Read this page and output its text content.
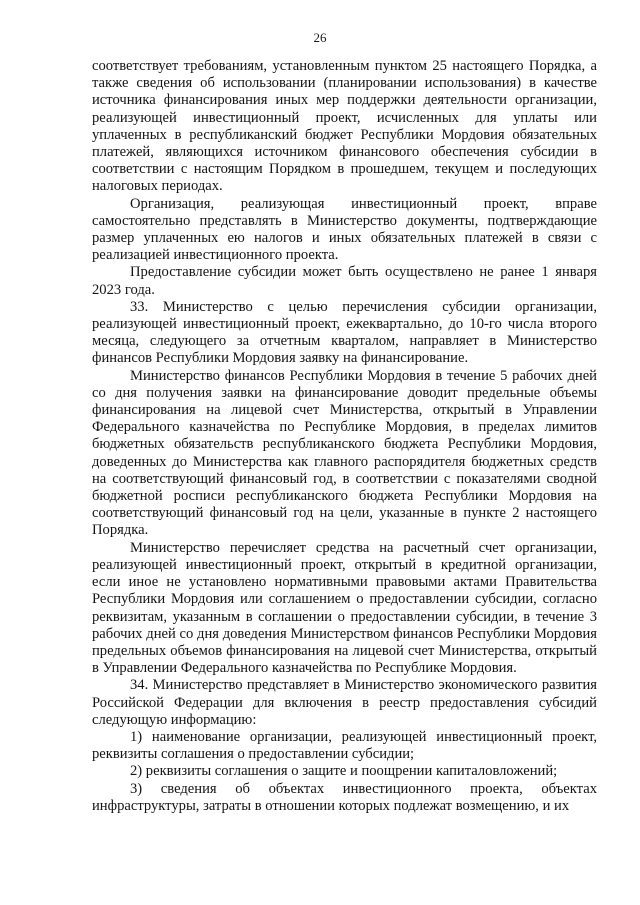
26

соответствует требованиям, установленным пунктом 25 настоящего Порядка, а также сведения об использовании (планировании использования) в качестве источника финансирования иных мер поддержки деятельности организации, реализующей инвестиционный проект, исчисленных для уплаты или уплаченных в республиканский бюджет Республики Мордовия обязательных платежей, являющихся источником финансового обеспечения субсидии в соответствии с настоящим Порядком в прошедшем, текущем и последующих налоговых периодах.

Организация, реализующая инвестиционный проект, вправе самостоятельно представлять в Министерство документы, подтверждающие размер уплаченных ею налогов и иных обязательных платежей в связи с реализацией инвестиционного проекта.

Предоставление субсидии может быть осуществлено не ранее 1 января 2023 года.

33. Министерство с целью перечисления субсидии организации, реализующей инвестиционный проект, ежеквартально, до 10-го числа второго месяца, следующего за отчетным кварталом, направляет в Министерство финансов Республики Мордовия заявку на финансирование.

Министерство финансов Республики Мордовия в течение 5 рабочих дней со дня получения заявки на финансирование доводит предельные объемы финансирования на лицевой счет Министерства, открытый в Управлении Федерального казначейства по Республике Мордовия, в пределах лимитов бюджетных обязательств республиканского бюджета Республики Мордовия, доведенных до Министерства как главного распорядителя бюджетных средств на соответствующий финансовый год, в соответствии с показателями сводной бюджетной росписи республиканского бюджета Республики Мордовия на соответствующий финансовый год на цели, указанные в пункте 2 настоящего Порядка.

Министерство перечисляет средства на расчетный счет организации, реализующей инвестиционный проект, открытый в кредитной организации, если иное не установлено нормативными правовыми актами Правительства Республики Мордовия или соглашением о предоставлении субсидии, согласно реквизитам, указанным в соглашении о предоставлении субсидии, в течение 3 рабочих дней со дня доведения Министерством финансов Республики Мордовия предельных объемов финансирования на лицевой счет Министерства, открытый в Управлении Федерального казначейства по Республике Мордовия.

34. Министерство представляет в Министерство экономического развития Российской Федерации для включения в реестр предоставления субсидий следующую информацию:

1) наименование организации, реализующей инвестиционный проект, реквизиты соглашения о предоставлении субсидии;

2) реквизиты соглашения о защите и поощрении капиталовложений;

3) сведения об объектах инвестиционного проекта, объектах инфраструктуры, затраты в отношении которых подлежат возмещению, и их
